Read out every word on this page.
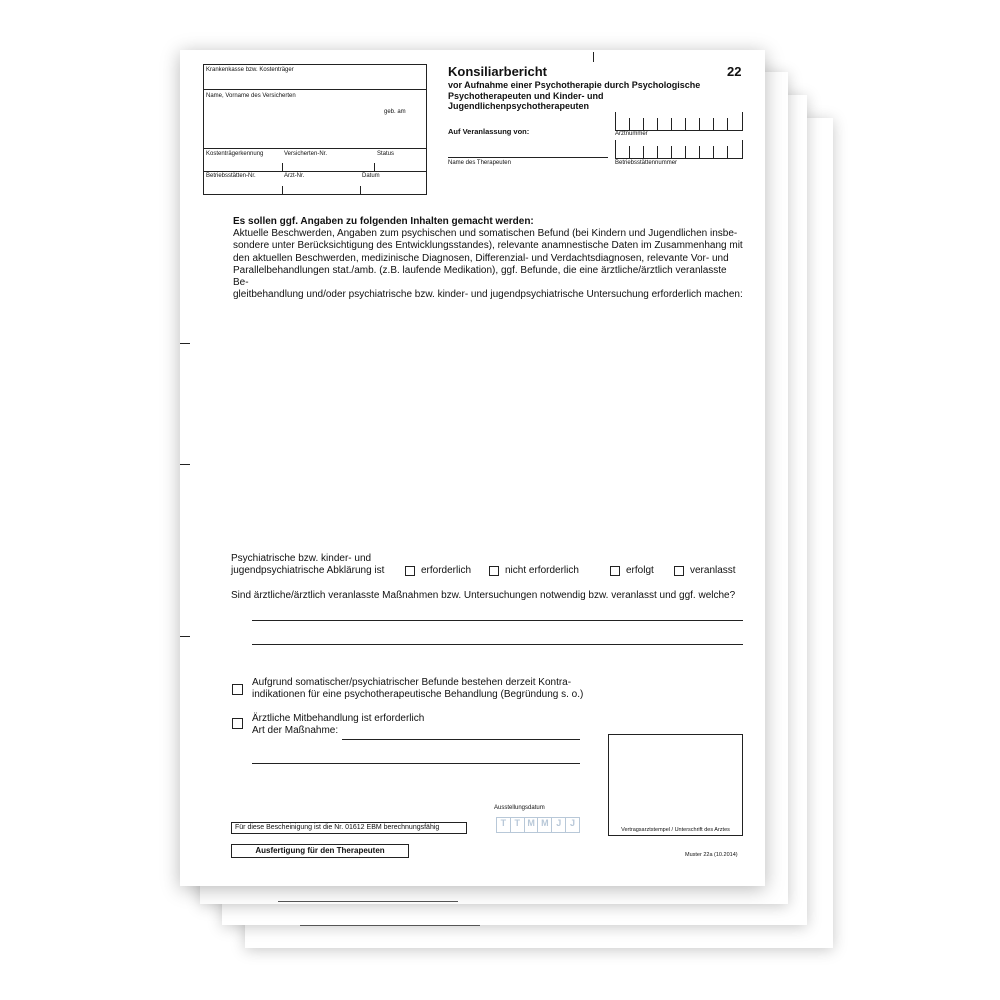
Krankenkasse bzw. Kostenträger
Name, Vorname des Versicherten
geb. am
Kostenträgerkennung	Versicherten-Nr.	Status
Betriebsstätten-Nr.	Arzt-Nr.	Datum
Konsiliarbericht	22
vor Aufnahme einer Psychotherapie durch Psychologische
Psychotherapeuten und Kinder- und
Jugendlichenpsychotherapeuten
Auf Veranlassung von:
Name des Therapeuten
Arztnummer
Betriebsstättennummer
Es sollen ggf. Angaben zu folgenden Inhalten gemacht werden:
Aktuelle Beschwerden, Angaben zum psychischen und somatischen Befund (bei Kindern und Jugendlichen insbe-
sondere unter Berücksichtigung des Entwicklungsstandes), relevante anamnestische Daten im Zusammenhang mit
den aktuellen Beschwerden, medizinische Diagnosen, Differenzial- und Verdachtsdiagnosen, relevante Vor- und
Parallelbehandlungen stat./amb. (z.B. laufende Medikation), ggf. Befunde, die eine ärztliche/ärztlich veranlasste Be-
gleitbehandlung und/oder psychiatrische bzw. kinder- und jugendpsychiatrische Untersuchung erforderlich machen:
Psychiatrische bzw. kinder- und
jugendpsychiatrische Abklärung ist	erforderlich	nicht erforderlich	erfolgt	veranlasst
Sind ärztliche/ärztlich veranlasste Maßnahmen bzw. Untersuchungen notwendig bzw. veranlasst und ggf. welche?
Aufgrund somatischer/psychiatrischer Befunde bestehen derzeit Kontra-
indikationen für eine psychotherapeutische Behandlung (Begründung s. o.)
Ärztliche Mitbehandlung ist erforderlich
Art der Maßnahme:
Vertragsarztstempel / Unterschrift des Arztes
Ausstellungsdatum
T T M M J J
Für diese Bescheinigung ist die Nr. 01612 EBM berechnungsfähig
Ausfertigung für den Therapeuten	Muster 22a (10.2014)
